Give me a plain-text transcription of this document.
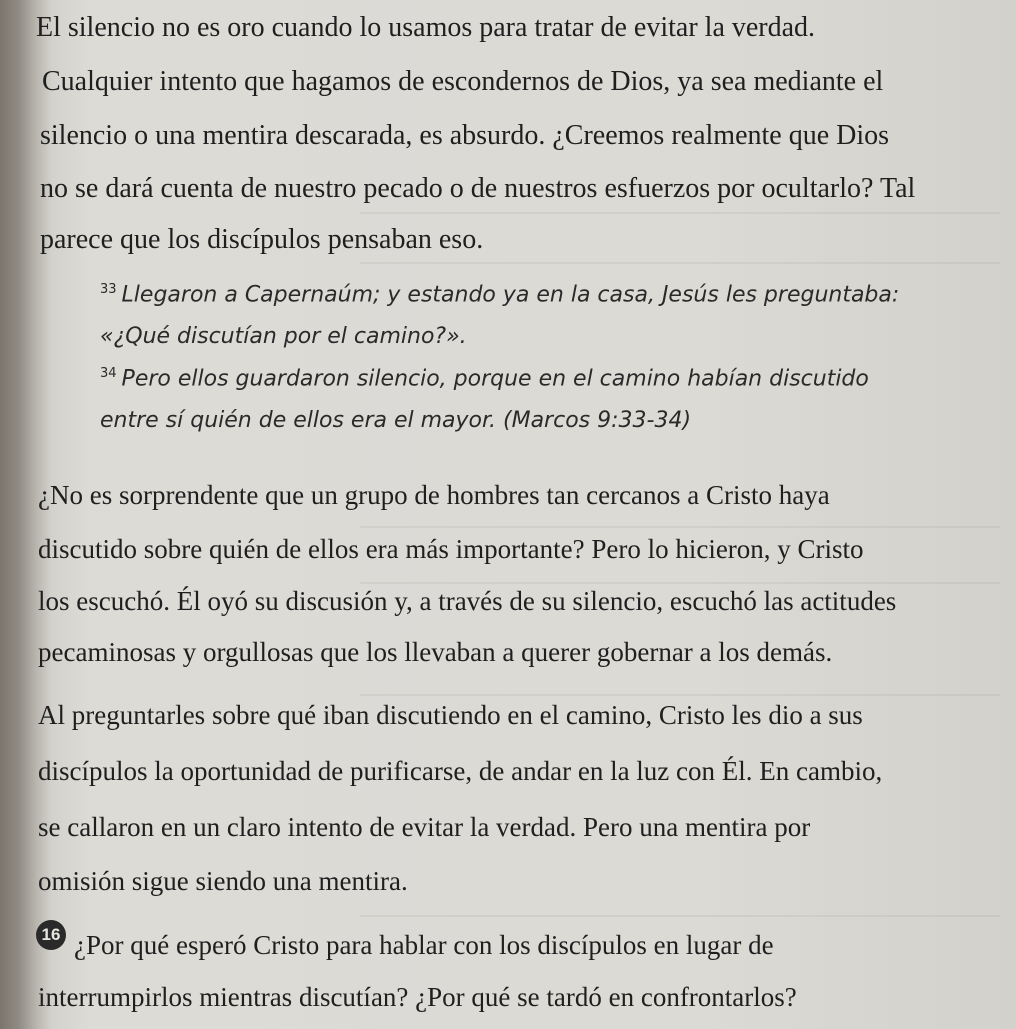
El silencio no es oro cuando lo usamos para tratar de evitar la verdad.
Cualquier intento que hagamos de escondernos de Dios, ya sea mediante el
silencio o una mentira descarada, es absurdo. ¿Creemos realmente que Dios
no se dará cuenta de nuestro pecado o de nuestros esfuerzos por ocultarlo? Tal
parece que los discípulos pensaban eso.
$^{33}$ Llegaron a Capernaúm; y estando ya en la casa, Jesús les preguntaba:
«¿Qué discutían por el camino?».
$^{34}$ Pero ellos guardaron silencio, porque en el camino habían discutido
entre sí quién de ellos era el mayor. (Marcos 9:33-34)
¿No es sorprendente que un grupo de hombres tan cercanos a Cristo haya
discutido sobre quién de ellos era más importante? Pero lo hicieron, y Cristo
los escuchó. Él oyó su discusión y, a través de su silencio, escuchó las actitudes
pecaminosas y orgullosas que los llevaban a querer gobernar a los demás.
Al preguntarles sobre qué iban discutiendo en el camino, Cristo les dio a sus
discípulos la oportunidad de purificarse, de andar en la luz con Él. En cambio,
se callaron en un claro intento de evitar la verdad. Pero una mentira por
omisión sigue siendo una mentira.
16 ¿Por qué esperó Cristo para hablar con los discípulos en lugar de
interrumpirlos mientras discutían? ¿Por qué se tardó en confrontarlos?
